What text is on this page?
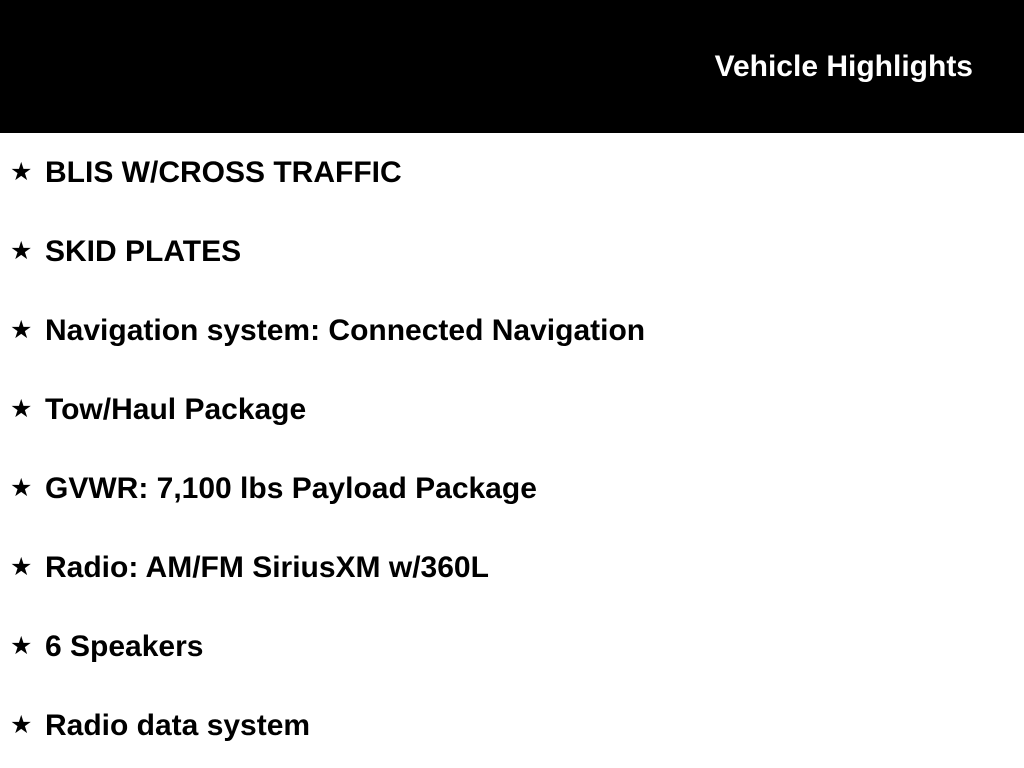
Vehicle Highlights
★ BLIS W/CROSS TRAFFIC
★ SKID PLATES
★ Navigation system: Connected Navigation
★ Tow/Haul Package
★ GVWR: 7,100 lbs Payload Package
★ Radio: AM/FM SiriusXM w/360L
★ 6 Speakers
★ Radio data system
